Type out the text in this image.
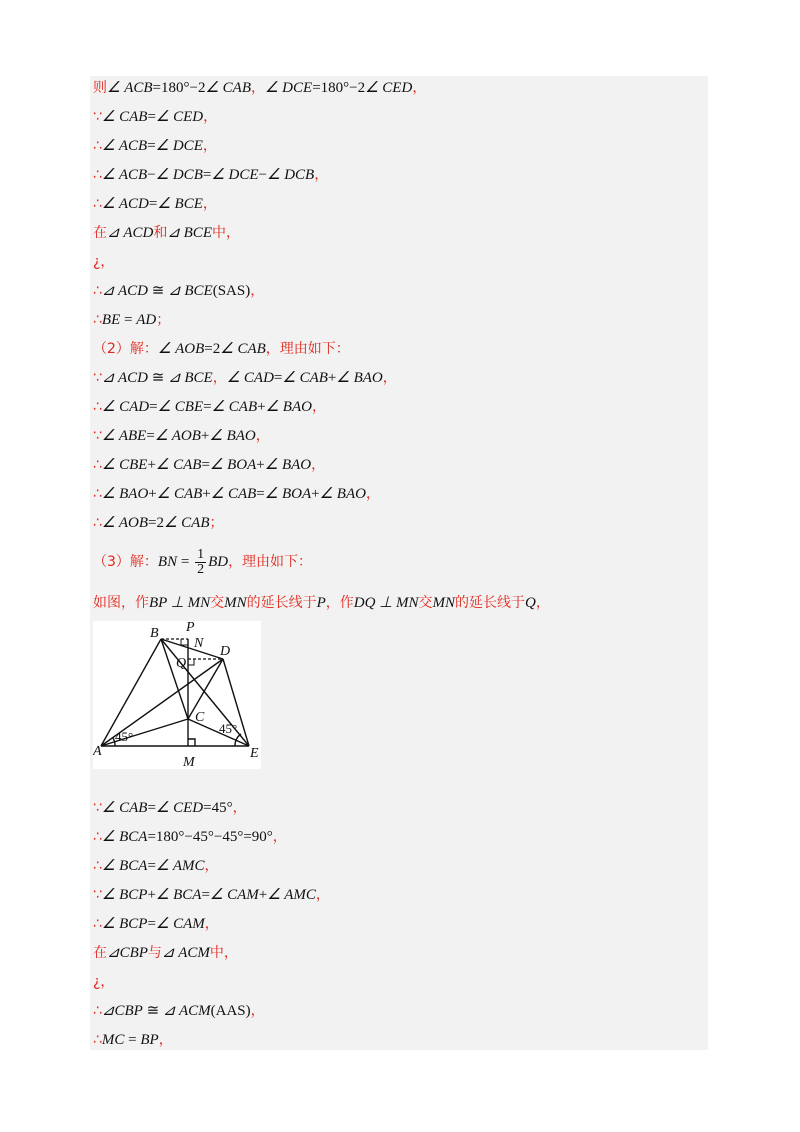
则∠ ACB=180°−2∠ CAB，∠ DCE=180°−2∠ CED，
∵∠ CAB=∠ CED，
∴∠ ACB=∠ DCE，
∴∠ ACB−∠ DCB=∠ DCE−∠ DCB，
∴∠ ACD=∠ BCE，
在⊿ ACD和⊿ BCE中，
¿，
∴⊿ ACD ≅ ⊿ BCE(SAS)，
∴BE = AD；
（2）解：∠ AOB=2∠ CAB，理由如下：
∵⊿ ACD ≅ ⊿ BCE，∠ CAD=∠ CAB+∠ BAO，
∴∠ CAD=∠ CBE=∠ CAB+∠ BAO，
∵∠ ABE=∠ AOB+∠ BAO，
∴∠ CBE+∠ CAB=∠ BOA+∠ BAO，
∴∠ BAO+∠ CAB+∠ CAB=∠ BOA+∠ BAO，
∴∠ AOB=2∠ CAB；
（3）解：BN = $\frac{1}{2}$ BD，理由如下：
如图，作BP ⊥ MN交MN的延长线于P，作DQ ⊥ MN交MN的延长线于Q，
A
B
C
D
E
M
N
P
Q
45°
45°
∵∠ CAB=∠ CED=45°，
∴∠ BCA=180°−45°−45°=90°，
∴∠ BCA=∠ AMC，
∵∠ BCP+∠ BCA=∠ CAM+∠ AMC，
∴∠ BCP=∠ CAM，
在⊿CBP与⊿ ACM中，
¿，
∴⊿CBP ≅ ⊿ ACM(AAS)，
∴MC = BP，
